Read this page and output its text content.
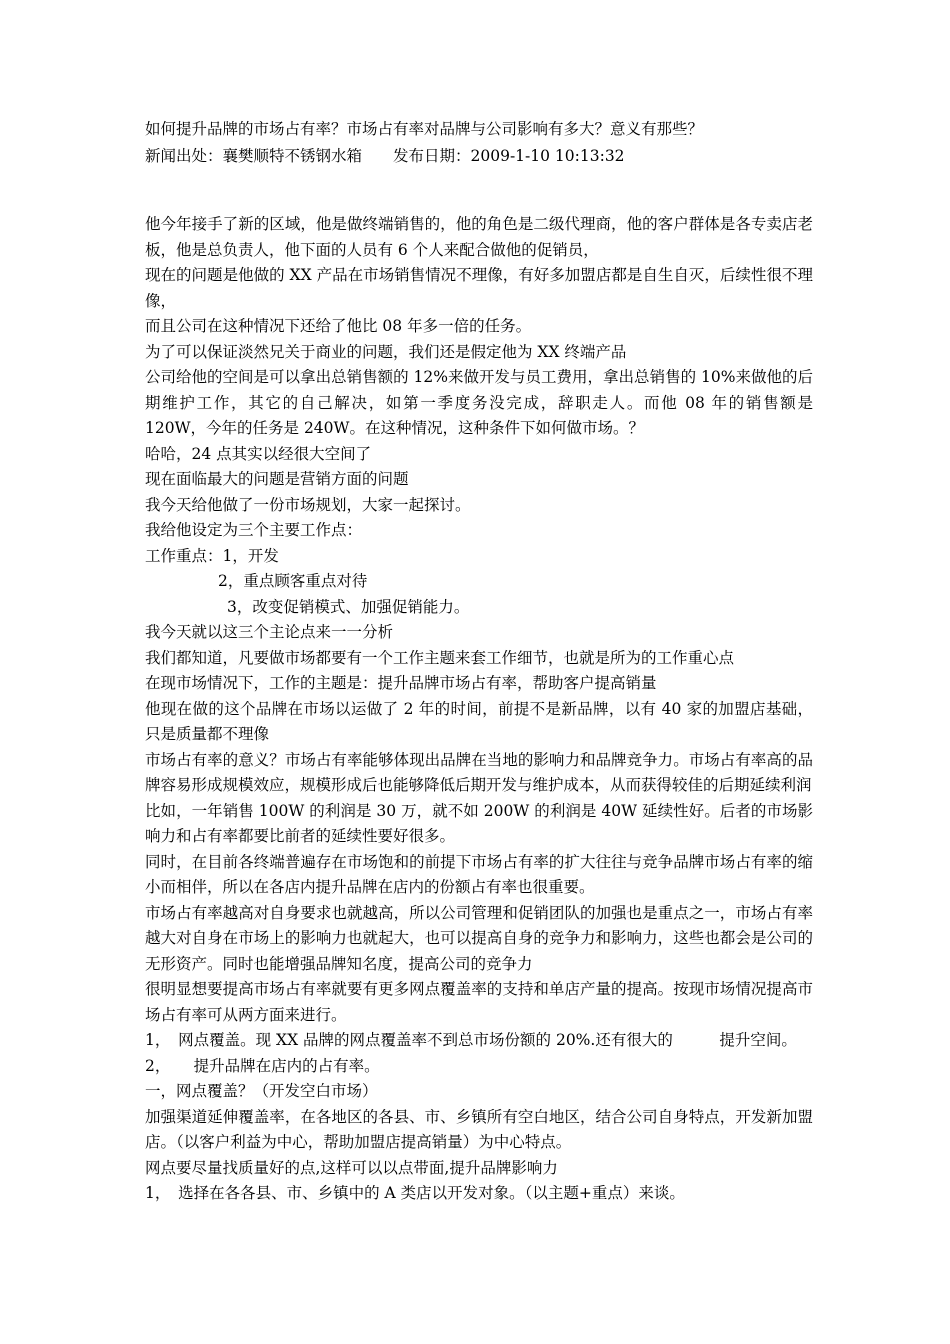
如何提升品牌的市场占有率？市场占有率对品牌与公司影响有多大？意义有那些？
新闻出处：襄樊顺特不锈钢水箱　　发布日期：2009-1-10 10:13:32
他今年接手了新的区域，他是做终端销售的，他的角色是二级代理商，他的客户群体是各专卖店老板，他是总负责人，他下面的人员有 6 个人来配合做他的促销员，
现在的问题是他做的 XX 产品在市场销售情况不理像，有好多加盟店都是自生自灭，后续性很不理像，
而且公司在这种情况下还给了他比 08 年多一倍的任务。
为了可以保证淡然兄关于商业的问题，我们还是假定他为 XX 终端产品
公司给他的空间是可以拿出总销售额的 12%来做开发与员工费用，拿出总销售的 10%来做他的后期维护工作，其它的自己解决，如第一季度务没完成，辞职走人。而他 08 年的销售额是 120W，今年的任务是 240W。在这种情况，这种条件下如何做市场。？
哈哈，24 点其实以经很大空间了
现在面临最大的问题是营销方面的问题
我今天给他做了一份市场规划，大家一起探讨。
我给他设定为三个主要工作点：
工作重点：1，开发
2，重点顾客重点对待
3，改变促销模式、加强促销能力。
我今天就以这三个主论点来一一分析
我们都知道，凡要做市场都要有一个工作主题来套工作细节，也就是所为的工作重心点
在现市场情况下，工作的主题是：提升品牌市场占有率，帮助客户提高销量
他现在做的这个品牌在市场以运做了 2 年的时间，前提不是新品牌，以有 40 家的加盟店基础，只是质量都不理像
市场占有率的意义？市场占有率能够体现出品牌在当地的影响力和品牌竞争力。市场占有率高的品牌容易形成规模效应，规模形成后也能够降低后期开发与维护成本，从而获得较佳的后期延续利润
比如，一年销售 100W 的利润是 30 万，就不如 200W 的利润是 40W 延续性好。后者的市场影响力和占有率都要比前者的延续性要好很多。
同时，在目前各终端普遍存在市场饱和的前提下市场占有率的扩大往往与竞争品牌市场占有率的缩小而相伴，所以在各店内提升品牌在店内的份额占有率也很重要。
市场占有率越高对自身要求也就越高，所以公司管理和促销团队的加强也是重点之一，市场占有率越大对自身在市场上的影响力也就起大，也可以提高自身的竞争力和影响力，这些也都会是公司的无形资产。同时也能增强品牌知名度，提高公司的竞争力
很明显想要提高市场占有率就要有更多网点覆盖率的支持和单店产量的提高。按现市场情况提高市场占有率可从两方面来进行。
1，　网点覆盖。现 XX 品牌的网点覆盖率不到总市场份额的 20%.还有很大的　　　提升空间。
2，　　提升品牌在店内的占有率。
一，网点覆盖？（开发空白市场）
加强渠道延伸覆盖率，在各地区的各县、市、乡镇所有空白地区，结合公司自身特点，开发新加盟店。（以客户利益为中心，帮助加盟店提高销量）为中心特点。
网点要尽量找质量好的点,这样可以以点带面,提升品牌影响力
1，　选择在各各县、市、乡镇中的 A 类店以开发对象。（以主题+重点）来谈。
